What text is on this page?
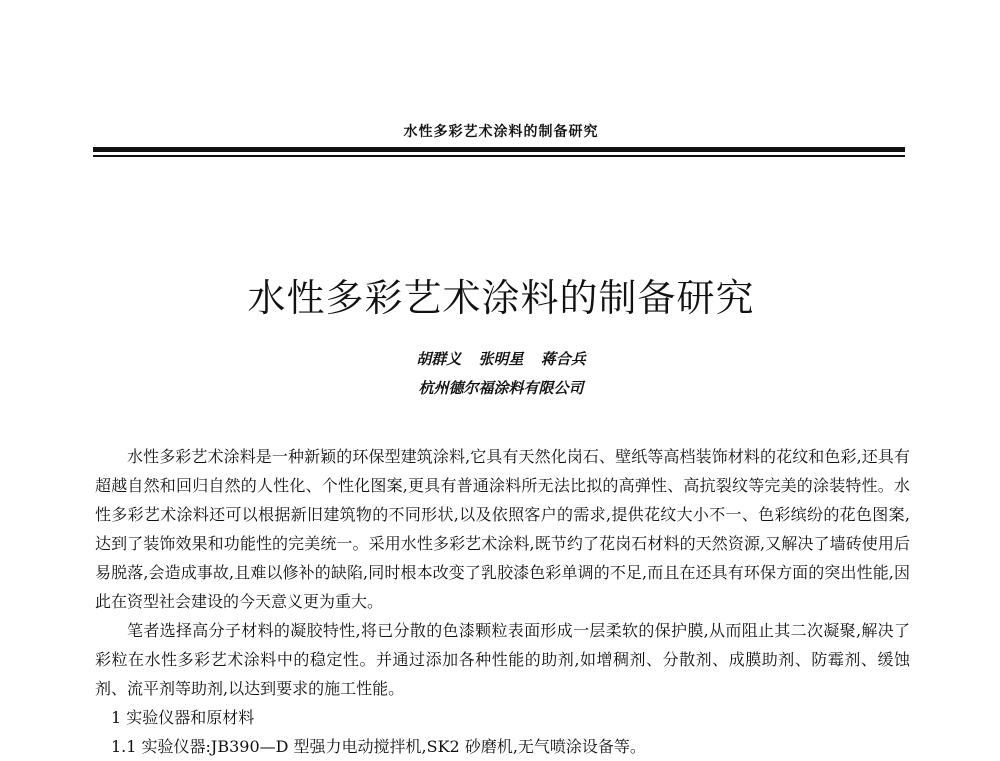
水性多彩艺术涂料的制备研究
水性多彩艺术涂料的制备研究
胡群义 张明星 蒋合兵
杭州德尔福涂料有限公司

水性多彩艺术涂料是一种新颖的环保型建筑涂料,它具有天然化岗石、壁纸等高档装饰材料的花纹和色彩,还具有超越自然和回归自然的人性化、个性化图案,更具有普通涂料所无法比拟的高弹性、高抗裂纹等完美的涂装特性。水性多彩艺术涂料还可以根据新旧建筑物的不同形状,以及依照客户的需求,提供花纹大小不一、色彩缤纷的花色图案,达到了装饰效果和功能性的完美统一。采用水性多彩艺术涂料,既节约了花岗石材料的天然资源,又解决了墙砖使用后易脱落,会造成事故,且难以修补的缺陷,同时根本改变了乳胶漆色彩单调的不足,而且在还具有环保方面的突出性能,因此在资型社会建设的今天意义更为重大。

笔者选择高分子材料的凝胶特性,将已分散的色漆颗粒表面形成一层柔软的保护膜,从而阻止其二次凝聚,解决了彩粒在水性多彩艺术涂料中的稳定性。并通过添加各种性能的助剂,如增稠剂、分散剂、成膜助剂、防霉剂、缓蚀剂、流平剂等助剂,以达到要求的施工性能。

1 实验仪器和原材料

1.1 实验仪器:JB390—D 型强力电动搅拌机,SK2 砂磨机,无气喷涂设备等。
